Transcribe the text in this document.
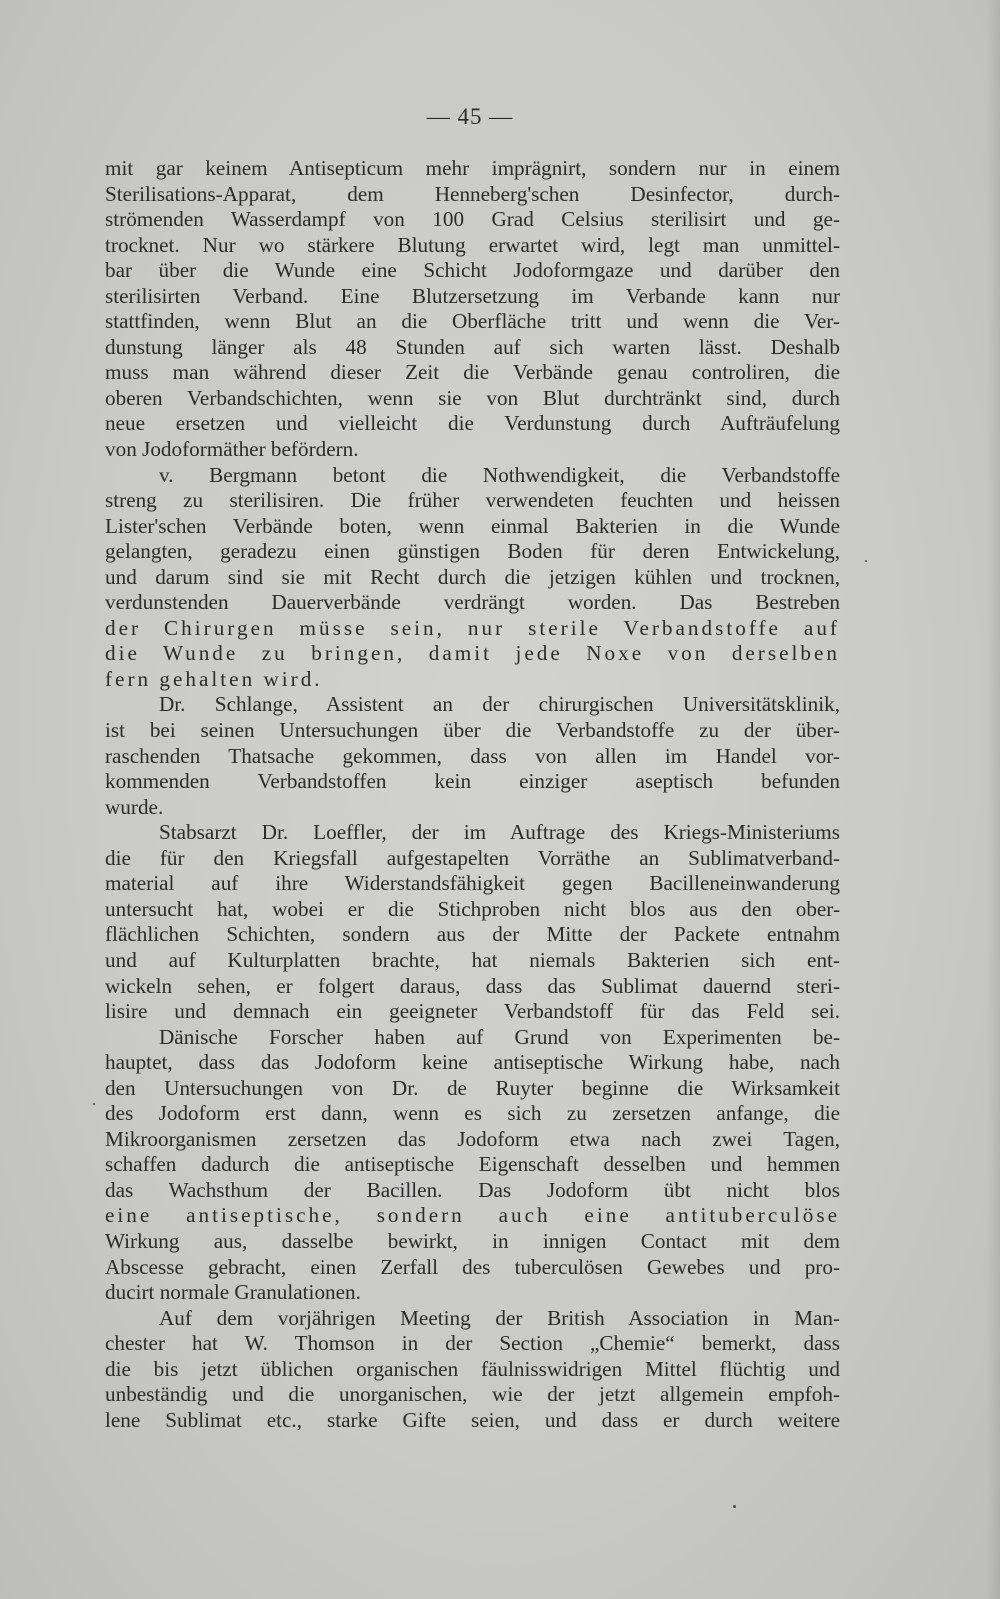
— 45 —
mit gar keinem Antisepticum mehr imprägnirt, sondern nur in einem
Sterilisations-Apparat, dem Henneberg'schen Desinfector, durch-
strömenden Wasserdampf von 100 Grad Celsius sterilisirt und ge-
trocknet. Nur wo stärkere Blutung erwartet wird, legt man unmittel-
bar über die Wunde eine Schicht Jodoformgaze und darüber den
sterilisirten Verband. Eine Blutzersetzung im Verbande kann nur
stattfinden, wenn Blut an die Oberfläche tritt und wenn die Ver-
dunstung länger als 48 Stunden auf sich warten lässt. Deshalb
muss man während dieser Zeit die Verbände genau controliren, die
oberen Verbandschichten, wenn sie von Blut durchtränkt sind, durch
neue ersetzen und vielleicht die Verdunstung durch Aufträufelung
von Jodoformäther befördern.
v. Bergmann betont die Nothwendigkeit, die Verbandstoffe
streng zu sterilisiren. Die früher verwendeten feuchten und heissen
Lister'schen Verbände boten, wenn einmal Bakterien in die Wunde
gelangten, geradezu einen günstigen Boden für deren Entwickelung,
und darum sind sie mit Recht durch die jetzigen kühlen und trocknen,
verdunstenden Dauerverbände verdrängt worden. Das Bestreben
der Chirurgen müsse sein, nur sterile Verbandstoffe auf
die Wunde zu bringen, damit jede Noxe von derselben
fern gehalten wird.
Dr. Schlange, Assistent an der chirurgischen Universitätsklinik,
ist bei seinen Untersuchungen über die Verbandstoffe zu der über-
raschenden Thatsache gekommen, dass von allen im Handel vor-
kommenden Verbandstoffen kein einziger aseptisch befunden
wurde.
Stabsarzt Dr. Loeffler, der im Auftrage des Kriegs-Ministeriums
die für den Kriegsfall aufgestapelten Vorräthe an Sublimatverband-
material auf ihre Widerstandsfähigkeit gegen Bacilleneinwanderung
untersucht hat, wobei er die Stichproben nicht blos aus den ober-
flächlichen Schichten, sondern aus der Mitte der Packete entnahm
und auf Kulturplatten brachte, hat niemals Bakterien sich ent-
wickeln sehen, er folgert daraus, dass das Sublimat dauernd steri-
lisire und demnach ein geeigneter Verbandstoff für das Feld sei.
Dänische Forscher haben auf Grund von Experimenten be-
hauptet, dass das Jodoform keine antiseptische Wirkung habe, nach
den Untersuchungen von Dr. de Ruyter beginne die Wirksamkeit
des Jodoform erst dann, wenn es sich zu zersetzen anfange, die
Mikroorganismen zersetzen das Jodoform etwa nach zwei Tagen,
schaffen dadurch die antiseptische Eigenschaft desselben und hemmen
das Wachsthum der Bacillen. Das Jodoform übt nicht blos
eine antiseptische, sondern auch eine antituberculöse
Wirkung aus, dasselbe bewirkt, in innigen Contact mit dem
Abscesse gebracht, einen Zerfall des tuberculösen Gewebes und pro-
ducirt normale Granulationen.
Auf dem vorjährigen Meeting der British Association in Man-
chester hat W. Thomson in der Section „Chemie“ bemerkt, dass
die bis jetzt üblichen organischen fäulnisswidrigen Mittel flüchtig und
unbeständig und die unorganischen, wie der jetzt allgemein empfoh-
lene Sublimat etc., starke Gifte seien, und dass er durch weitere
